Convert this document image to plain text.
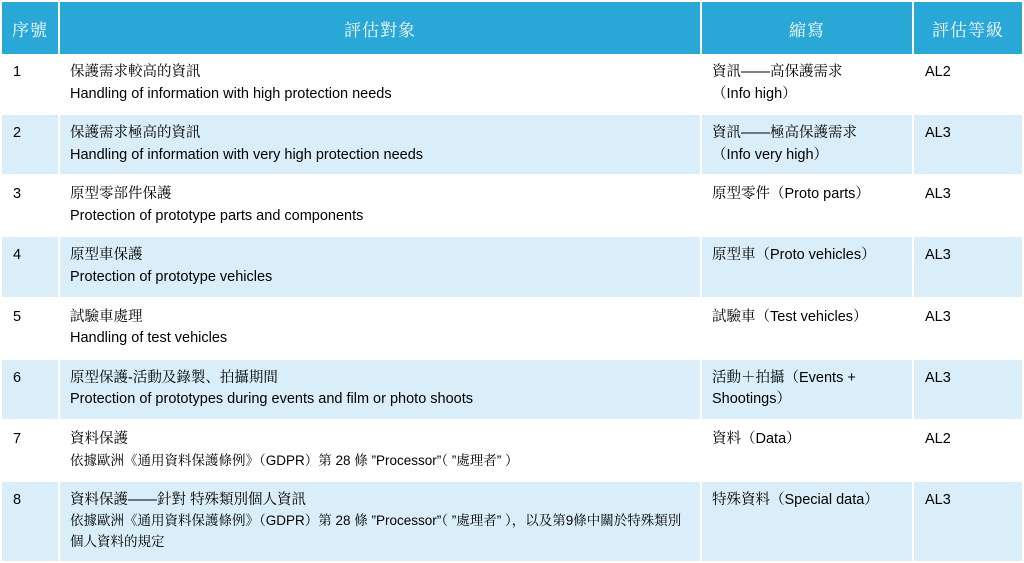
序號	評估對象	縮寫	評估等級
1	保護需求較高的資訊
Handling of information with high protection needs	資訊——高保護需求
（Info high）	AL2
2	保護需求極高的資訊
Handling of information with very high protection needs	資訊——極高保護需求
（Info very high）	AL3
3	原型零部件保護
Protection of prototype parts and components	原型零件（Proto parts）	AL3
4	原型車保護
Protection of prototype vehicles	原型車（Proto vehicles）	AL3
5	試驗車處理
Handling of test vehicles	試驗車（Test vehicles）	AL3
6	原型保護-活動及錄製、拍攝期間
Protection of prototypes during events and film or photo shoots	活動＋拍攝（Events +
Shootings）	AL3
7	資料保護
依據歐洲《通用資料保護條例》（GDPR）第 28 條 ”Processor”（ ”處理者” ）	資料（Data）	AL2
8	資料保護——針對 特殊類別個人資訊
依據歐洲《通用資料保護條例》（GDPR）第 28 條 ”Processor”（ ”處理者” ），以及第9條中關於特殊類別個人資料的規定	特殊資料（Special data）	AL3
